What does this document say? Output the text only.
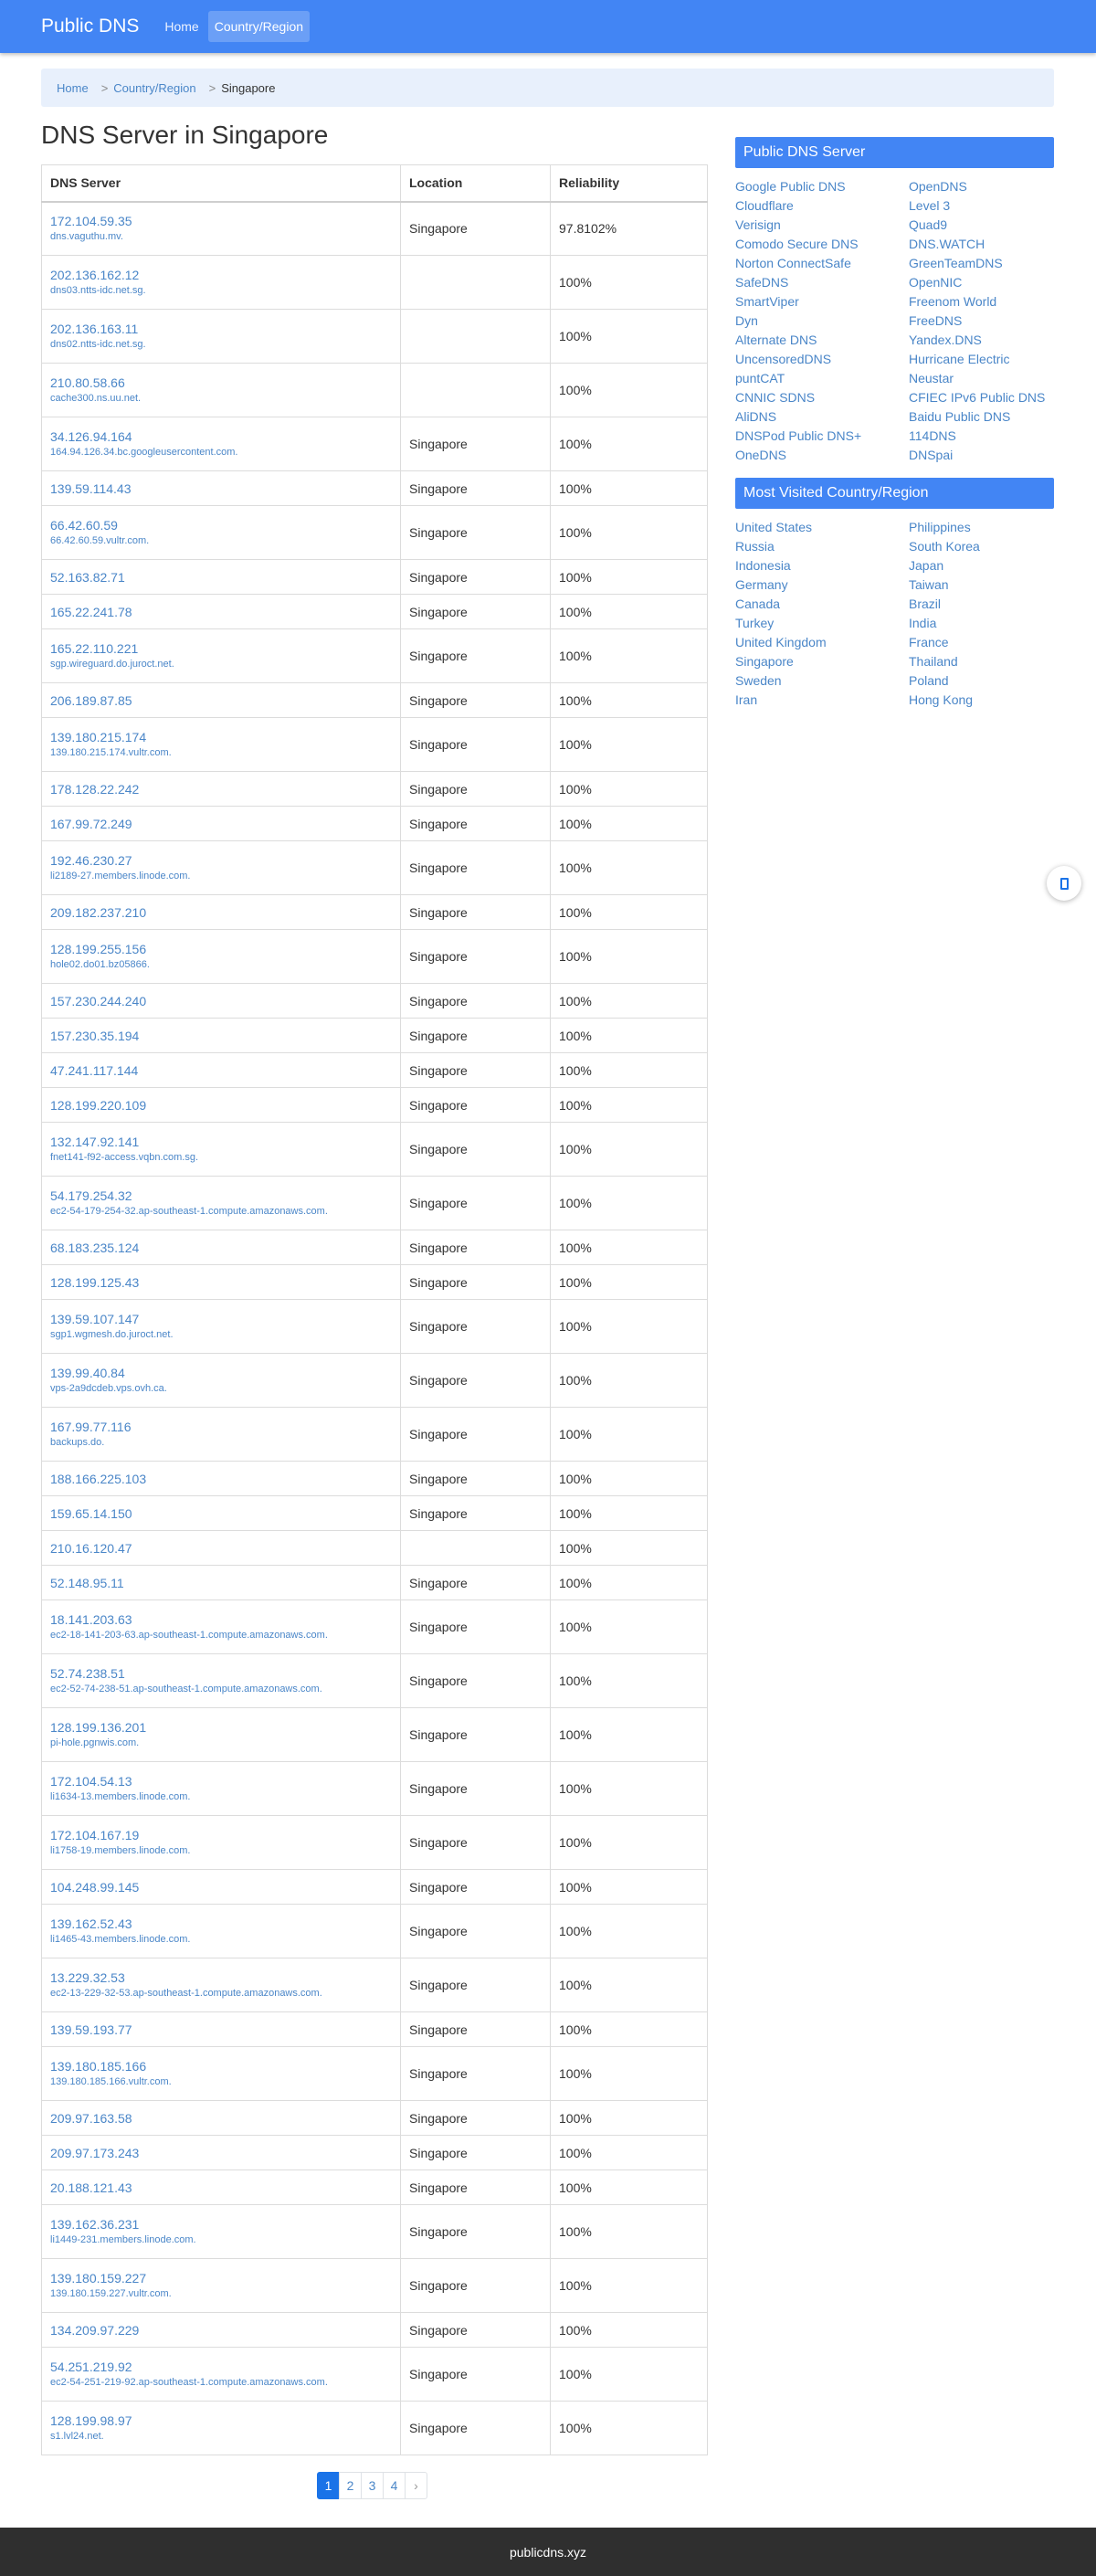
Public DNS	Home	Country/Region
Home > Country/Region > Singapore
DNS Server in Singapore
DNS Server	Location	Reliability

172.104.59.35
dns.vaguthu.mv.	Singapore	97.8102%

202.136.162.12
dns03.ntts-idc.net.sg.		100%

202.136.163.11
dns02.ntts-idc.net.sg.		100%

210.80.58.66
cache300.ns.uu.net.		100%

34.126.94.164
164.94.126.34.bc.googleusercontent.com.	Singapore	100%

139.59.114.43	Singapore	100%

66.42.60.59
66.42.60.59.vultr.com.	Singapore	100%

52.163.82.71	Singapore	100%

165.22.241.78	Singapore	100%

165.22.110.221
sgp.wireguard.do.juroct.net.	Singapore	100%

206.189.87.85	Singapore	100%

139.180.215.174
139.180.215.174.vultr.com.	Singapore	100%

178.128.22.242	Singapore	100%

167.99.72.249	Singapore	100%

192.46.230.27
li2189-27.members.linode.com.	Singapore	100%

209.182.237.210	Singapore	100%

128.199.255.156
hole02.do01.bz05866.	Singapore	100%

157.230.244.240	Singapore	100%

157.230.35.194	Singapore	100%

47.241.117.144	Singapore	100%

128.199.220.109	Singapore	100%

132.147.92.141
fnet141-f92-access.vqbn.com.sg.	Singapore	100%

54.179.254.32
ec2-54-179-254-32.ap-southeast-1.compute.amazonaws.com.	Singapore	100%

68.183.235.124	Singapore	100%

128.199.125.43	Singapore	100%

139.59.107.147
sgp1.wgmesh.do.juroct.net.	Singapore	100%

139.99.40.84
vps-2a9dcdeb.vps.ovh.ca.	Singapore	100%

167.99.77.116
backups.do.	Singapore	100%

188.166.225.103	Singapore	100%

159.65.14.150	Singapore	100%

210.16.120.47		100%

52.148.95.11	Singapore	100%

18.141.203.63
ec2-18-141-203-63.ap-southeast-1.compute.amazonaws.com.	Singapore	100%

52.74.238.51
ec2-52-74-238-51.ap-southeast-1.compute.amazonaws.com.	Singapore	100%

128.199.136.201
pi-hole.pgnwis.com.	Singapore	100%

172.104.54.13
li1634-13.members.linode.com.	Singapore	100%

172.104.167.19
li1758-19.members.linode.com.	Singapore	100%

104.248.99.145	Singapore	100%

139.162.52.43
li1465-43.members.linode.com.	Singapore	100%

13.229.32.53
ec2-13-229-32-53.ap-southeast-1.compute.amazonaws.com.	Singapore	100%

139.59.193.77	Singapore	100%

139.180.185.166
139.180.185.166.vultr.com.	Singapore	100%

209.97.163.58	Singapore	100%

209.97.173.243	Singapore	100%

20.188.121.43	Singapore	100%

139.162.36.231
li1449-231.members.linode.com.	Singapore	100%

139.180.159.227
139.180.159.227.vultr.com.	Singapore	100%

134.209.97.229	Singapore	100%

54.251.219.92
ec2-54-251-219-92.ap-southeast-1.compute.amazonaws.com.	Singapore	100%

128.199.98.97
s1.lvl24.net.	Singapore	100%
1	2	3	4	›
Public DNS Server
Google Public DNS	OpenDNS
Cloudflare	Level 3
Verisign	Quad9
Comodo Secure DNS	DNS.WATCH
Norton ConnectSafe	GreenTeamDNS
SafeDNS	OpenNIC
SmartViper	Freenom World
Dyn	FreeDNS
Alternate DNS	Yandex.DNS
UncensoredDNS	Hurricane Electric
puntCAT	Neustar
CNNIC SDNS	CFIEC IPv6 Public DNS
AliDNS	Baidu Public DNS
DNSPod Public DNS+	114DNS
OneDNS	DNSpai
Most Visited Country/Region
United States	Philippines
Russia	South Korea
Indonesia	Japan
Germany	Taiwan
Canada	Brazil
Turkey	India
United Kingdom	France
Singapore	Thailand
Sweden	Poland
Iran	Hong Kong
publicdns.xyz
